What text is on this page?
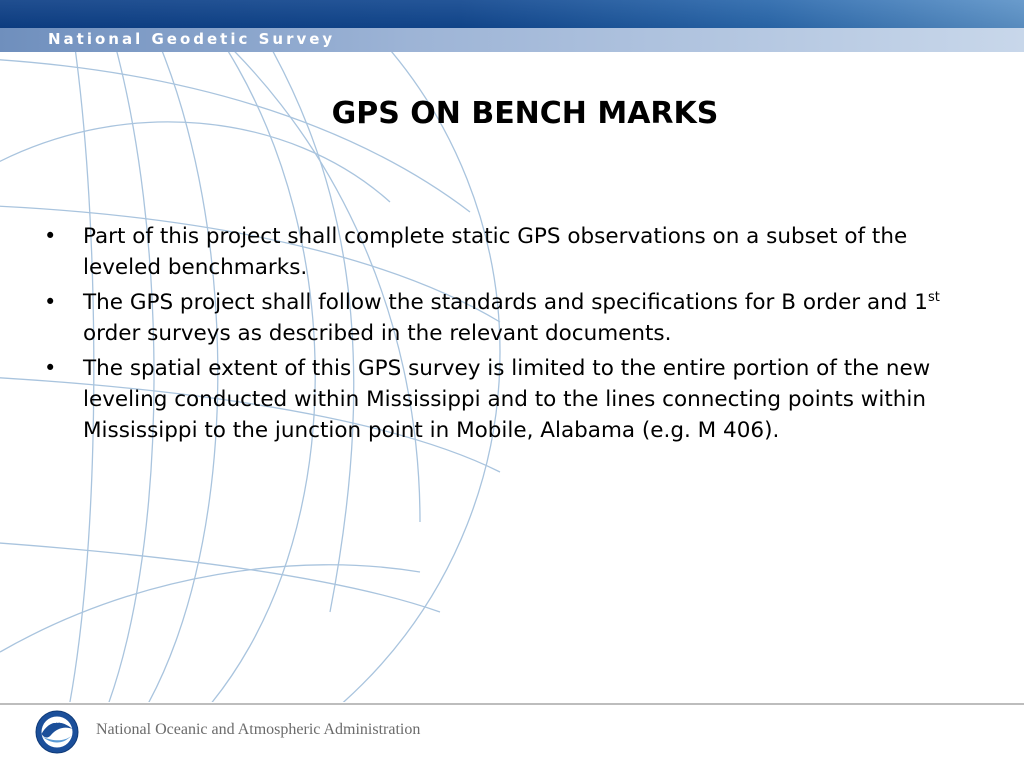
National Geodetic Survey
GPS ON BENCH MARKS
•	Part of this project shall complete static GPS observations on a subset of the leveled benchmarks.
•	The GPS project shall follow the standards and specifications for B order and 1st order surveys as described in the relevant documents.
•	The spatial extent of this GPS survey is limited to the entire portion of the new leveling conducted within Mississippi and to the lines connecting points within Mississippi to the junction point in Mobile, Alabama (e.g. M 406).
NOAA National Oceanic and Atmospheric Administration
